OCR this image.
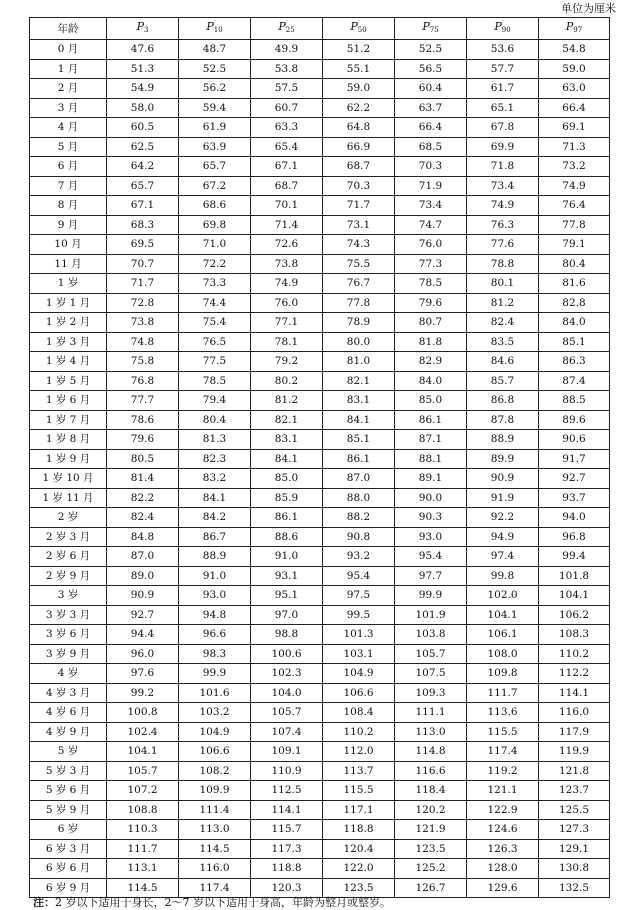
单位为厘米
年龄	$P_3$	$P_{10}$	$P_{25}$	$P_{50}$	$P_{75}$	$P_{90}$	$P_{97}$
0 月	47.6	48.7	49.9	51.2	52.5	53.6	54.8
1 月	51.3	52.5	53.8	55.1	56.5	57.7	59.0
2 月	54.9	56.2	57.5	59.0	60.4	61.7	63.0
3 月	58.0	59.4	60.7	62.2	63.7	65.1	66.4
4 月	60.5	61.9	63.3	64.8	66.4	67.8	69.1
5 月	62.5	63.9	65.4	66.9	68.5	69.9	71.3
6 月	64.2	65.7	67.1	68.7	70.3	71.8	73.2
7 月	65.7	67.2	68.7	70.3	71.9	73.4	74.9
8 月	67.1	68.6	70.1	71.7	73.4	74.9	76.4
9 月	68.3	69.8	71.4	73.1	74.7	76.3	77.8
10 月	69.5	71.0	72.6	74.3	76.0	77.6	79.1
11 月	70.7	72.2	73.8	75.5	77.3	78.8	80.4
1 岁	71.7	73.3	74.9	76.7	78.5	80.1	81.6
1 岁 1 月	72.8	74.4	76.0	77.8	79.6	81.2	82.8
1 岁 2 月	73.8	75.4	77.1	78.9	80.7	82.4	84.0
1 岁 3 月	74.8	76.5	78.1	80.0	81.8	83.5	85.1
1 岁 4 月	75.8	77.5	79.2	81.0	82.9	84.6	86.3
1 岁 5 月	76.8	78.5	80.2	82.1	84.0	85.7	87.4
1 岁 6 月	77.7	79.4	81.2	83.1	85.0	86.8	88.5
1 岁 7 月	78.6	80.4	82.1	84.1	86.1	87.8	89.6
1 岁 8 月	79.6	81.3	83.1	85.1	87.1	88.9	90.6
1 岁 9 月	80.5	82.3	84.1	86.1	88.1	89.9	91.7
1 岁 10 月	81.4	83.2	85.0	87.0	89.1	90.9	92.7
1 岁 11 月	82.2	84.1	85.9	88.0	90.0	91.9	93.7
2 岁	82.4	84.2	86.1	88.2	90.3	92.2	94.0
2 岁 3 月	84.8	86.7	88.6	90.8	93.0	94.9	96.8
2 岁 6 月	87.0	88.9	91.0	93.2	95.4	97.4	99.4
2 岁 9 月	89.0	91.0	93.1	95.4	97.7	99.8	101.8
3 岁	90.9	93.0	95.1	97.5	99.9	102.0	104.1
3 岁 3 月	92.7	94.8	97.0	99.5	101.9	104.1	106.2
3 岁 6 月	94.4	96.6	98.8	101.3	103.8	106.1	108.3
3 岁 9 月	96.0	98.3	100.6	103.1	105.7	108.0	110.2
4 岁	97.6	99.9	102.3	104.9	107.5	109.8	112.2
4 岁 3 月	99.2	101.6	104.0	106.6	109.3	111.7	114.1
4 岁 6 月	100.8	103.2	105.7	108.4	111.1	113.6	116.0
4 岁 9 月	102.4	104.9	107.4	110.2	113.0	115.5	117.9
5 岁	104.1	106.6	109.1	112.0	114.8	117.4	119.9
5 岁 3 月	105.7	108.2	110.9	113.7	116.6	119.2	121.8
5 岁 6 月	107.2	109.9	112.5	115.5	118.4	121.1	123.7
5 岁 9 月	108.8	111.4	114.1	117.1	120.2	122.9	125.5
6 岁	110.3	113.0	115.7	118.8	121.9	124.6	127.3
6 岁 3 月	111.7	114.5	117.3	120.4	123.5	126.3	129.1
6 岁 6 月	113.1	116.0	118.8	122.0	125.2	128.0	130.8
6 岁 9 月	114.5	117.4	120.3	123.5	126.7	129.6	132.5
注：2 岁以下适用于身长，2～7 岁以下适用于身高，年龄为整月或整岁。
